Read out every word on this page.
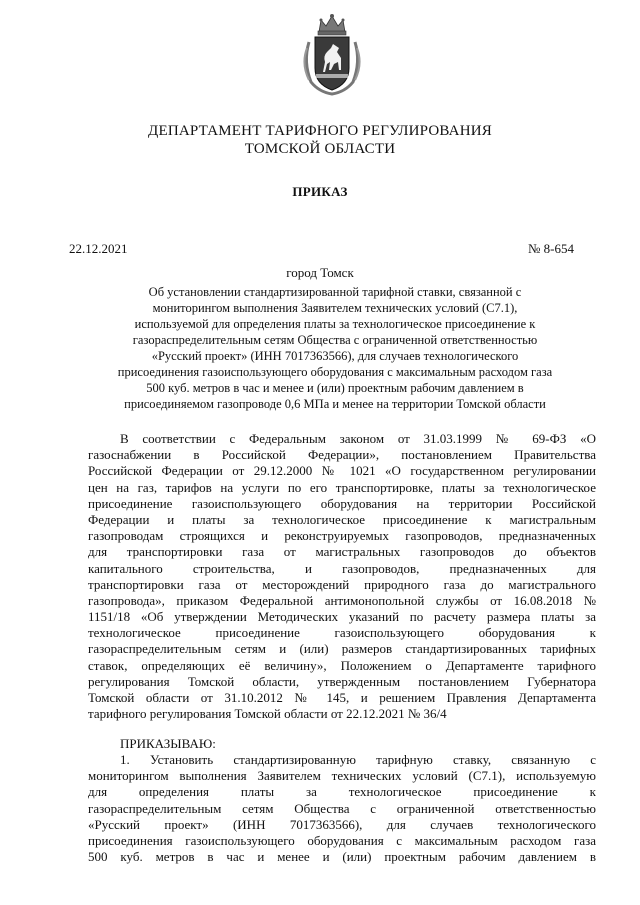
ДЕПАРТАМЕНТ ТАРИФНОГО РЕГУЛИРОВАНИЯ
ТОМСКОЙ ОБЛАСТИ
ПРИКАЗ
22.12.2021	№ 8-654
город Томск
Об установлении стандартизированной тарифной ставки, связанной с
мониторингом выполнения Заявителем технических условий (С7.1),
используемой для определения платы за технологическое присоединение к
газораспределительным сетям Общества с ограниченной ответственностью
«Русский проект» (ИНН 7017363566), для случаев технологического
присоединения газоиспользующего оборудования с максимальным расходом газа
500 куб. метров в час и менее и (или) проектным рабочим давлением в
присоединяемом газопроводе 0,6 МПа и менее на территории Томской области
В соответствии с Федеральным законом от 31.03.1999 № 69-ФЗ «О
газоснабжении в Российской Федерации», постановлением Правительства
Российской Федерации от 29.12.2000 № 1021 «О государственном регулировании
цен на газ, тарифов на услуги по его транспортировке, платы за технологическое
присоединение газоиспользующего оборудования на территории Российской
Федерации и платы за технологическое присоединение к магистральным
газопроводам строящихся и реконструируемых газопроводов, предназначенных
для транспортировки газа от магистральных газопроводов до объектов
капитального строительства, и газопроводов, предназначенных для
транспортировки газа от месторождений природного газа до магистрального
газопровода», приказом Федеральной антимонопольной службы от 16.08.2018 №
1151/18 «Об утверждении Методических указаний по расчету размера платы за
технологическое присоединение газоиспользующего оборудования к
газораспределительным сетям и (или) размеров стандартизированных тарифных
ставок, определяющих её величину», Положением о Департаменте тарифного
регулирования Томской области, утвержденным постановлением Губернатора
Томской области от 31.10.2012 № 145, и решением Правления Департамента
тарифного регулирования Томской области от 22.12.2021 № 36/4
ПРИКАЗЫВАЮ:
1. Установить стандартизированную тарифную ставку, связанную с
мониторингом выполнения Заявителем технических условий (С7.1), используемую
для определения платы за технологическое присоединение к
газораспределительным сетям Общества с ограниченной ответственностью
«Русский проект» (ИНН 7017363566), для случаев технологического
присоединения газоиспользующего оборудования с максимальным расходом газа
500 куб. метров в час и менее и (или) проектным рабочим давлением в
